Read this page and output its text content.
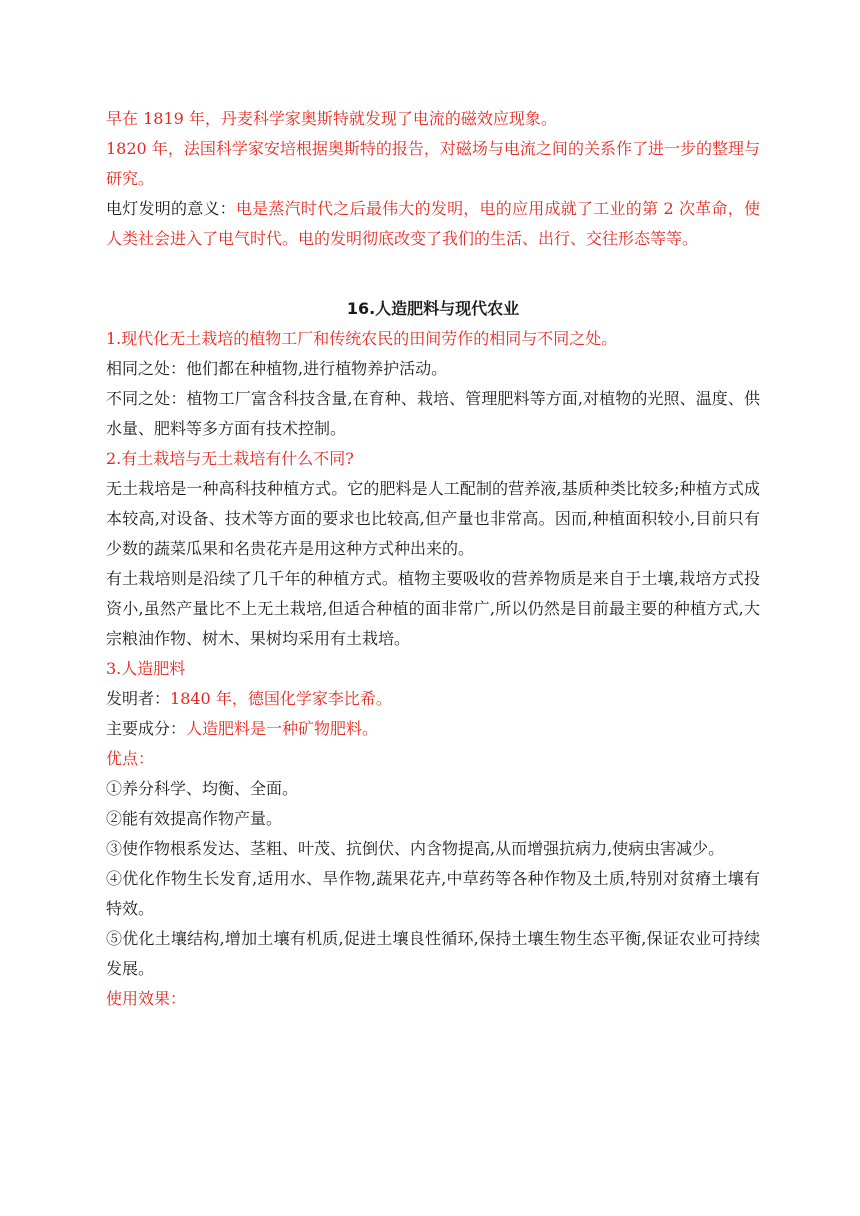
早在 1819 年，丹麦科学家奥斯特就发现了电流的磁效应现象。

1820 年，法国科学家安培根据奥斯特的报告，对磁场与电流之间的关系作了进一步的整理与研究。

电灯发明的意义：电是蒸汽时代之后最伟大的发明，电的应用成就了工业的第 2 次革命，使人类社会进入了电气时代。电的发明彻底改变了我们的生活、出行、交往形态等等。

16.人造肥料与现代农业

1.现代化无土栽培的植物工厂和传统农民的田间劳作的相同与不同之处。

相同之处：他们都在种植物,进行植物养护活动。

不同之处：植物工厂富含科技含量,在育种、栽培、管理肥料等方面,对植物的光照、温度、供水量、肥料等多方面有技术控制。

2.有土栽培与无土栽培有什么不同?

无土栽培是一种高科技种植方式。它的肥料是人工配制的营养液,基质种类比较多;种植方式成本较高,对设备、技术等方面的要求也比较高,但产量也非常高。因而,种植面积较小,目前只有少数的蔬菜瓜果和名贵花卉是用这种方式种出来的。

有土栽培则是沿续了几千年的种植方式。植物主要吸收的营养物质是来自于土壤,栽培方式投资小,虽然产量比不上无土栽培,但适合种植的面非常广,所以仍然是目前最主要的种植方式,大宗粮油作物、树木、果树均采用有土栽培。

3.人造肥料

发明者：1840 年，德国化学家李比希。

主要成分：人造肥料是一种矿物肥料。

优点：

①养分科学、均衡、全面。

②能有效提高作物产量。

③使作物根系发达、茎粗、叶茂、抗倒伏、内含物提高,从而增强抗病力,使病虫害减少。

④优化作物生长发育,适用水、旱作物,蔬果花卉,中草药等各种作物及土质,特别对贫瘠土壤有特效。

⑤优化土壤结构,增加土壤有机质,促进土壤良性循环,保持土壤生物生态平衡,保证农业可持续发展。

使用效果：
